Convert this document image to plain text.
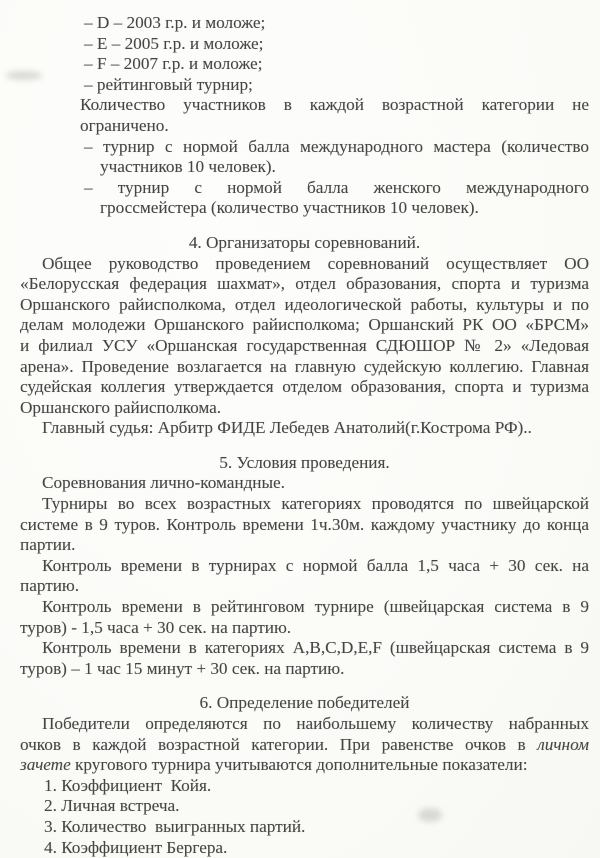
– D – 2003 г.р. и моложе;
– E – 2005 г.р. и моложе;
– F – 2007 г.р. и моложе;
– рейтинговый турнир;
Количество участников в каждой возрастной категории не
ограничено.
– турнир с нормой балла международного мастера (количество
участников 10 человек).
– турнир с нормой балла женского международного
гроссмейстера (количество участников 10 человек).
4. Организаторы соревнований.
Общее руководство проведением соревнований осуществляет ОО
«Белорусская федерация шахмат», отдел образования, спорта и туризма
Оршанского райисполкома, отдел идеологической работы, культуры и по
делам молодежи Оршанского райисполкома; Оршанский РК ОО «БРСМ»
и филиал УСУ «Оршанская государственная СДЮШОР № 2» «Ледовая
арена». Проведение возлагается на главную судейскую коллегию. Главная
судейская коллегия утверждается отделом образования, спорта и туризма
Оршанского райисполкома.
Главный судья: Арбитр ФИДЕ Лебедев Анатолий(г.Кострома РФ)..
5. Условия проведения.
Соревнования лично-командные.
Турниры во всех возрастных категориях проводятся по швейцарской
системе в 9 туров. Контроль времени 1ч.30м. каждому участнику до конца
партии.
Контроль времени в турнирах с нормой балла 1,5 часа + 30 сек. на
партию.
Контроль времени в рейтинговом турнире (швейцарская система в 9
туров) - 1,5 часа + 30 сек. на партию.
Контроль времени в категориях A,B,C,D,E,F (швейцарская система в 9
туров) – 1 час 15 минут + 30 сек. на партию.
6. Определение победителей
Победители определяются по наибольшему количеству набранных
очков в каждой возрастной категории. При равенстве очков в личном
зачете кругового турнира учитываются дополнительные показатели:
1. Коэффициент  Койя.
2. Личная встреча.
3. Количество  выигранных партий.
4. Коэффициент Бергера.
